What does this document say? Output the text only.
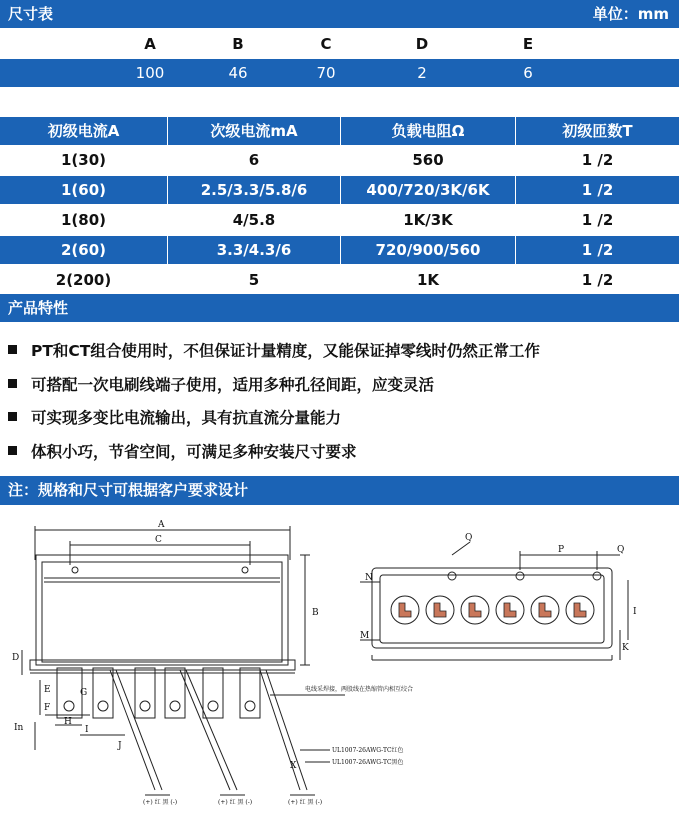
尺寸表	单位：mm
A	B	C	D	E
100	46	70	2	6
初级电流A	次级电流mA	负载电阻Ω	初级匝数T
1(30)	6	560	1 /2
1(60)	2.5/3.3/5.8/6	400/720/3K/6K	1 /2
1(80)	4/5.8	1K/3K	1 /2
2(60)	3.3/4.3/6	720/900/560	1 /2
2(200)	5	1K	1 /2
产品特性
PT和CT组合使用时，不但保证计量精度，又能保证掉零线时仍然正常工作
可搭配一次电刷线端子使用，适用多种孔径间距，应变灵活
可实现多变比电流输出，具有抗直流分量能力
体积小巧，节省空间，可满足多种安装尺寸要求
注：规格和尺寸可根据客户要求设计
A
C
B
D
E
F
G
H
I
J
In
Q
P	Q
N
M
I
K
X
电线采焊接，两股线在热缩管内相互绞合
UL1007-26AWG-TC红色
UL1007-26AWG-TC黑色
(+) 红 黑 (-)	(+) 红 黑 (-)	(+) 红 黑 (-)
